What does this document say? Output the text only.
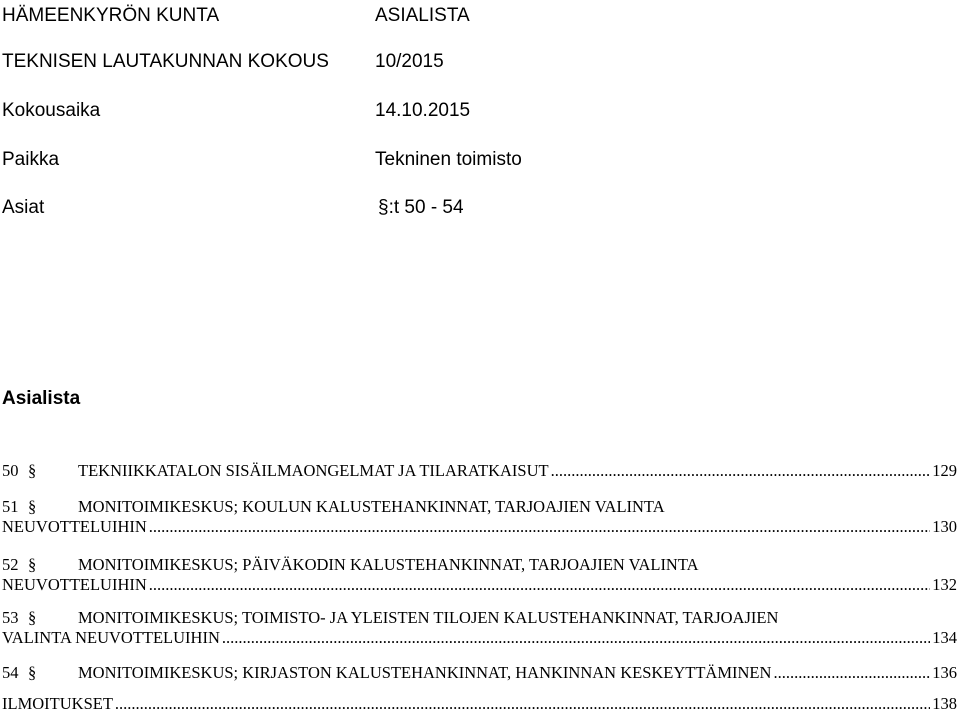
HÄMEENKYRÖN KUNTA	ASIALISTA
TEKNISEN LAUTAKUNNAN KOKOUS 10/2015
Kokousaika	14.10.2015
Paikka	Tekninen toimisto
Asiat	§:t 50 - 54
Asialista
50 §	TEKNIIKKATALON SISÄILMAONGELMAT JA TILARATKAISUT .....	129
51 §	MONITOIMIKESKUS; KOULUN KALUSTEHANKINNAT, TARJOAJIEN VALINTA
NEUVOTTELUIHIN .....	130
52 §	MONITOIMIKESKUS; PÄIVÄKODIN KALUSTEHANKINNAT, TARJOAJIEN VALINTA
NEUVOTTELUIHIN .....	132
53 §	MONITOIMIKESKUS; TOIMISTO- JA YLEISTEN TILOJEN KALUSTEHANKINNAT, TARJOAJIEN
VALINTA NEUVOTTELUIHIN .....	134
54 §	MONITOIMIKESKUS; KIRJASTON KALUSTEHANKINNAT, HANKINNAN KESKEYTTÄMINEN .....	136
ILMOITUKSET .....	138
